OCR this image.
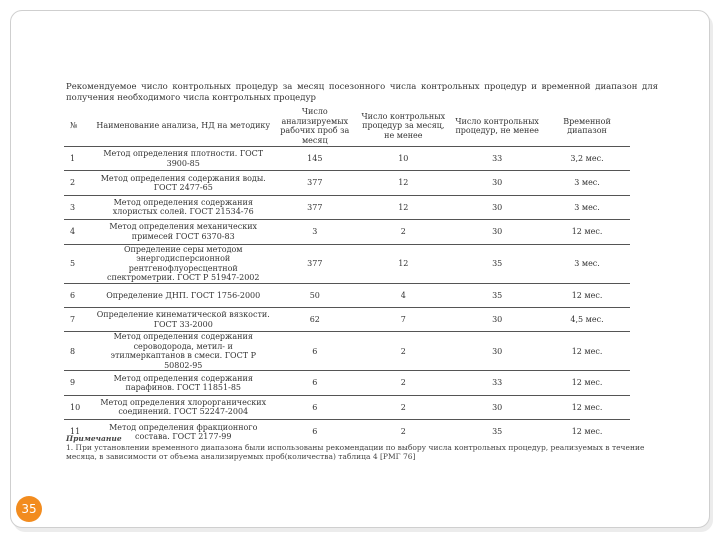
Рекомендуемое число контрольных процедур за месяц посезонного числа контрольных процедур и временной диапазон для получения необходимого числа контрольных процедур
№	Наименование анализа, НД на методику	Число анализируемых рабочих проб за месяц	Число контрольных процедур за месяц, не менее	Число контрольных процедур, не менее	Временной диапазон
1	Метод определения плотности. ГОСТ 3900-85	145	10	33	3,2 мес.
2	Метод определения содержания воды. ГОСТ 2477-65	377	12	30	3 мес.
3	Метод определения содержания хлористых солей. ГОСТ 21534-76	377	12	30	3 мес.
4	Метод определения механических примесей ГОСТ 6370-83	3	2	30	12 мес.
5	Определение серы методом энергодисперсионной рентгенофлуоресцентной спектрометрии. ГОСТ Р 51947-2002	377	12	35	3 мес.
6	Определение ДНП. ГОСТ 1756-2000	50	4	35	12 мес.
7	Определение кинематической вязкости. ГОСТ 33-2000	62	7	30	4,5 мес.
8	Метод определения содержания сероводорода, метил- и этилмеркаптанов в смеси. ГОСТ Р 50802-95	6	2	30	12 мес.
9	Метод определения содержания парафинов. ГОСТ 11851-85	6	2	33	12 мес.
10	Метод определения хлорорганических соединений. ГОСТ 52247-2004	6	2	30	12 мес.
11	Метод определения фракционного состава. ГОСТ 2177-99	6	2	35	12 мес.
Примечание
1. При установлении временного диапазона были использованы рекомендации по выбору числа контрольных процедур, реализуемых в течение месяца, в зависимости от объема анализируемых проб(количества) таблица 4 [РМГ 76]
35
